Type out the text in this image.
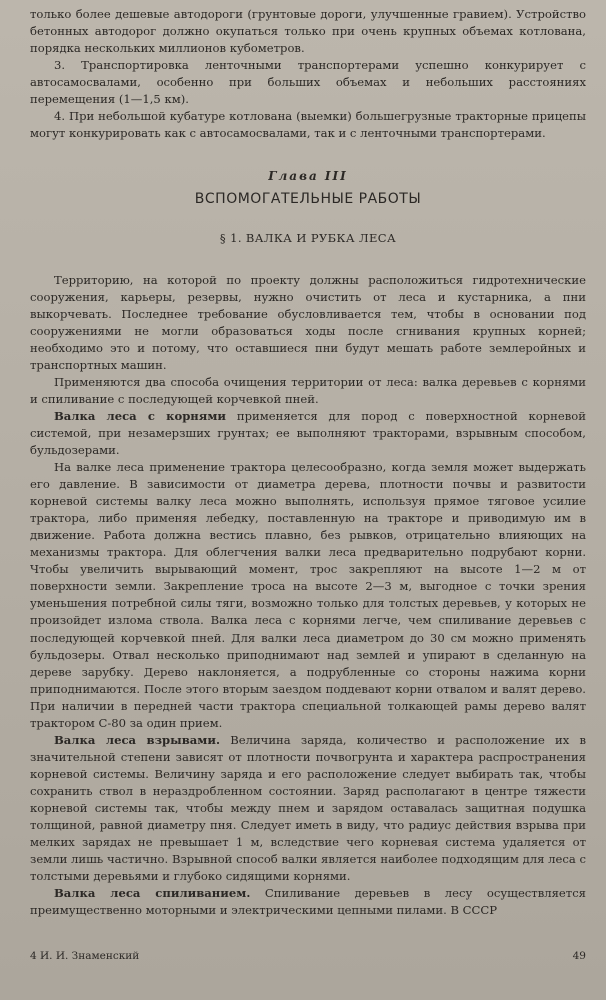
только более дешевые автодороги (грунтовые дороги, улучшенные гравием). Устройство бетонных автодорог должно окупаться только при очень крупных объемах котлована, порядка нескольких миллионов кубометров.

3. Транспортировка ленточными транспортерами успешно конкурирует с автосамосвалами, особенно при больших объемах и небольших расстояниях перемещения (1—1,5 км).

4. При небольшой кубатуре котлована (выемки) большегрузные тракторные прицепы могут конкурировать как с автосамосвалами, так и с ленточными транспортерами.

Глава III
ВСПОМОГАТЕЛЬНЫЕ РАБОТЫ
§ 1. ВАЛКА И РУБКА ЛЕСА

Территорию, на которой по проекту должны расположиться гидротехнические сооружения, карьеры, резервы, нужно очистить от леса и кустарника, а пни выкорчевать. Последнее требование обусловливается тем, чтобы в основании под сооружениями не могли образоваться ходы после сгнивания крупных корней; необходимо это и потому, что оставшиеся пни будут мешать работе землеройных и транспортных машин.

Применяются два способа очищения территории от леса: валка деревьев с корнями и спиливание с последующей корчевкой пней.

Валка леса с корнями применяется для пород с поверхностной корневой системой, при незамерзших грунтах; ее выполняют тракторами, взрывным способом, бульдозерами.

На валке леса применение трактора целесообразно, когда земля может выдержать его давление. В зависимости от диаметра дерева, плотности почвы и развитости корневой системы валку леса можно выполнять, используя прямое тяговое усилие трактора, либо применяя лебедку, поставленную на тракторе и приводимую им в движение. Работа должна вестись плавно, без рывков, отрицательно влияющих на механизмы трактора. Для облегчения валки леса предварительно подрубают корни. Чтобы увеличить вырывающий момент, трос закрепляют на высоте 1—2 м от поверхности земли. Закрепление троса на высоте 2—3 м, выгодное с точки зрения уменьшения потребной силы тяги, возможно только для толстых деревьев, у которых не произойдет излома ствола. Валка леса с корнями легче, чем спиливание деревьев с последующей корчевкой пней. Для валки леса диаметром до 30 см можно применять бульдозеры. Отвал несколько приподнимают над землей и упирают в сделанную на дереве зарубку. Дерево наклоняется, а подрубленные со стороны нажима корни приподнимаются. После этого вторым заездом поддевают корни отвалом и валят дерево. При наличии в передней части трактора специальной толкающей рамы дерево валят трактором С-80 за один прием.

Валка леса взрывами. Величина заряда, количество и расположение их в значительной степени зависят от плотности почвогрунта и характера распространения корневой системы. Величину заряда и его расположение следует выбирать так, чтобы сохранить ствол в нераздробленном состоянии. Заряд располагают в центре тяжести корневой системы так, чтобы между пнем и зарядом оставалась защитная подушка толщиной, равной диаметру пня. Следует иметь в виду, что радиус действия взрыва при мелких зарядах не превышает 1 м, вследствие чего корневая система удаляется от земли лишь частично. Взрывной способ валки является наиболее подходящим для леса с толстыми деревьями и глубоко сидящими корнями.

Валка леса спиливанием. Спиливание деревьев в лесу осуществляется преимущественно моторными и электрическими цепными пилами. В СССР

4 И. И. Знаменский	49
